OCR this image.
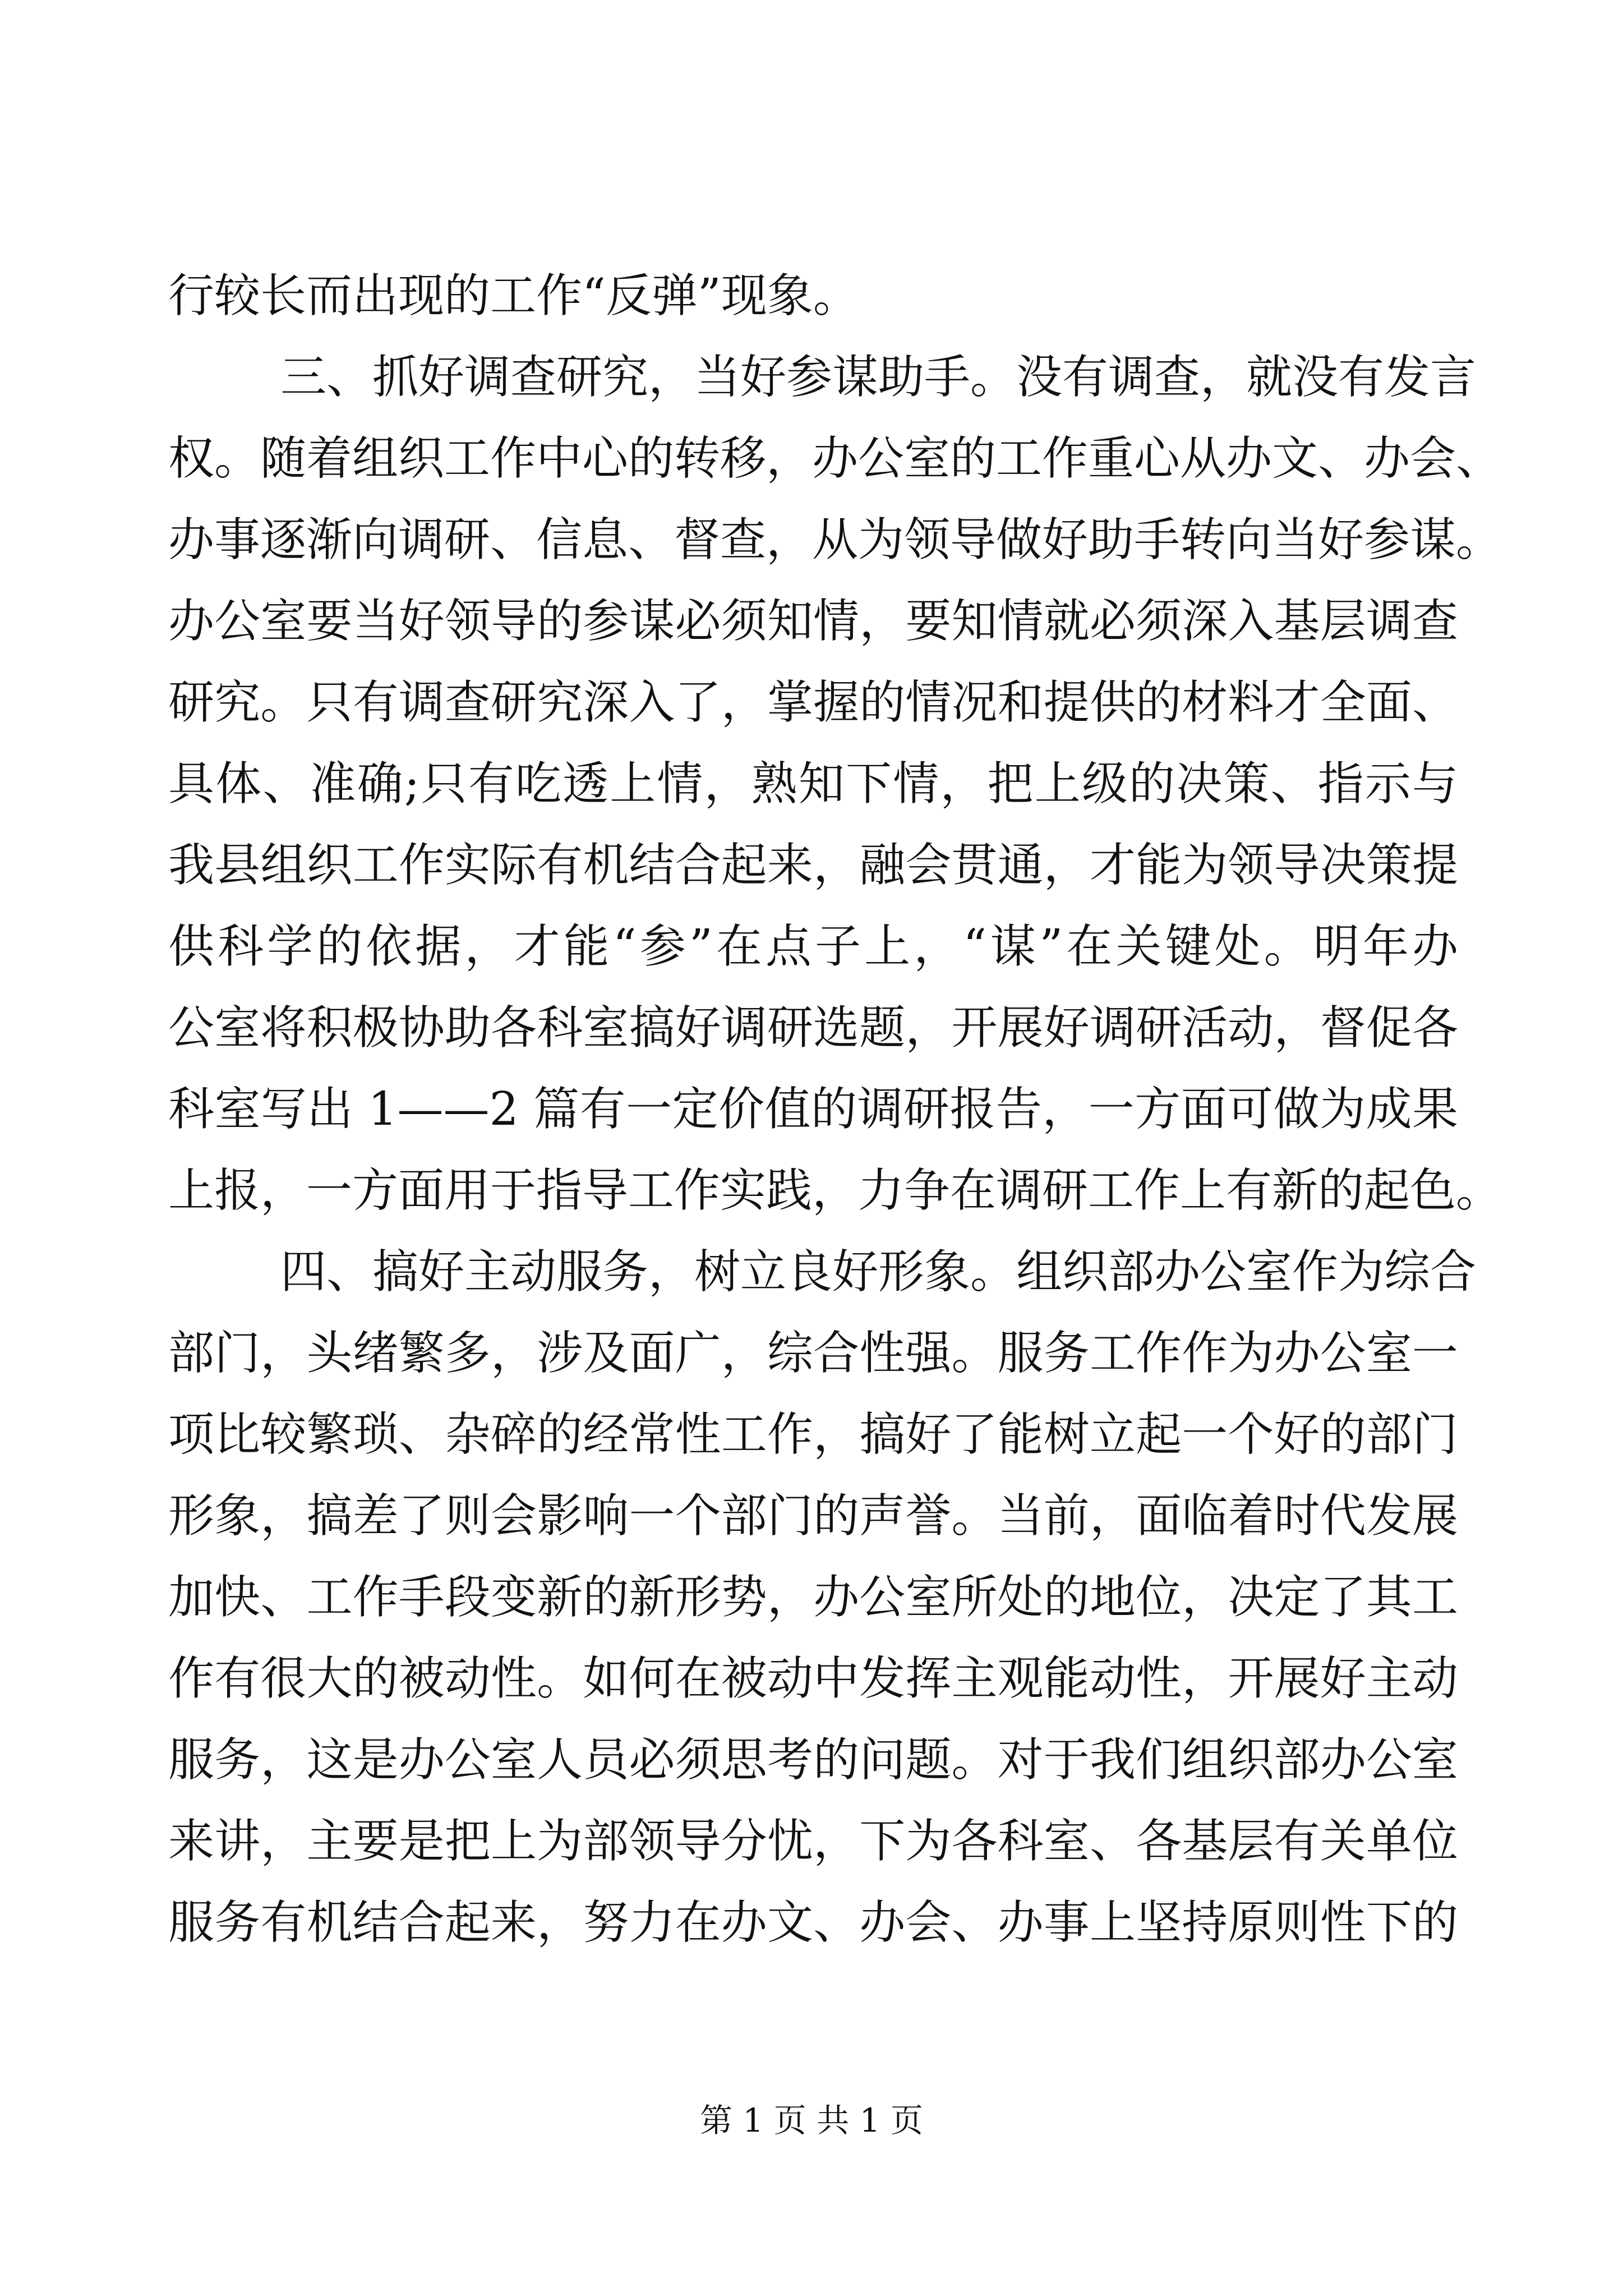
行较长而出现的工作“反弹”现象。
三、抓好调查研究，当好参谋助手。没有调查，就没有发言
权。随着组织工作中心的转移，办公室的工作重心从办文、办会、
办事逐渐向调研、信息、督查，从为领导做好助手转向当好参谋。
办公室要当好领导的参谋必须知情，要知情就必须深入基层调查
研究。只有调查研究深入了，掌握的情况和提供的材料才全面、
具体、准确;只有吃透上情，熟知下情，把上级的决策、指示与
我县组织工作实际有机结合起来，融会贯通，才能为领导决策提
供科学的依据，才能“参”在点子上，“谋”在关键处。明年办
公室将积极协助各科室搞好调研选题，开展好调研活动，督促各
科室写出 1——2 篇有一定价值的调研报告，一方面可做为成果
上报，一方面用于指导工作实践，力争在调研工作上有新的起色。
四、搞好主动服务，树立良好形象。组织部办公室作为综合
部门，头绪繁多，涉及面广，综合性强。服务工作作为办公室一
项比较繁琐、杂碎的经常性工作，搞好了能树立起一个好的部门
形象，搞差了则会影响一个部门的声誉。当前，面临着时代发展
加快、工作手段变新的新形势，办公室所处的地位，决定了其工
作有很大的被动性。如何在被动中发挥主观能动性，开展好主动
服务，这是办公室人员必须思考的问题。对于我们组织部办公室
来讲，主要是把上为部领导分忧，下为各科室、各基层有关单位
服务有机结合起来，努力在办文、办会、办事上坚持原则性下的
第 1 页 共 1 页
